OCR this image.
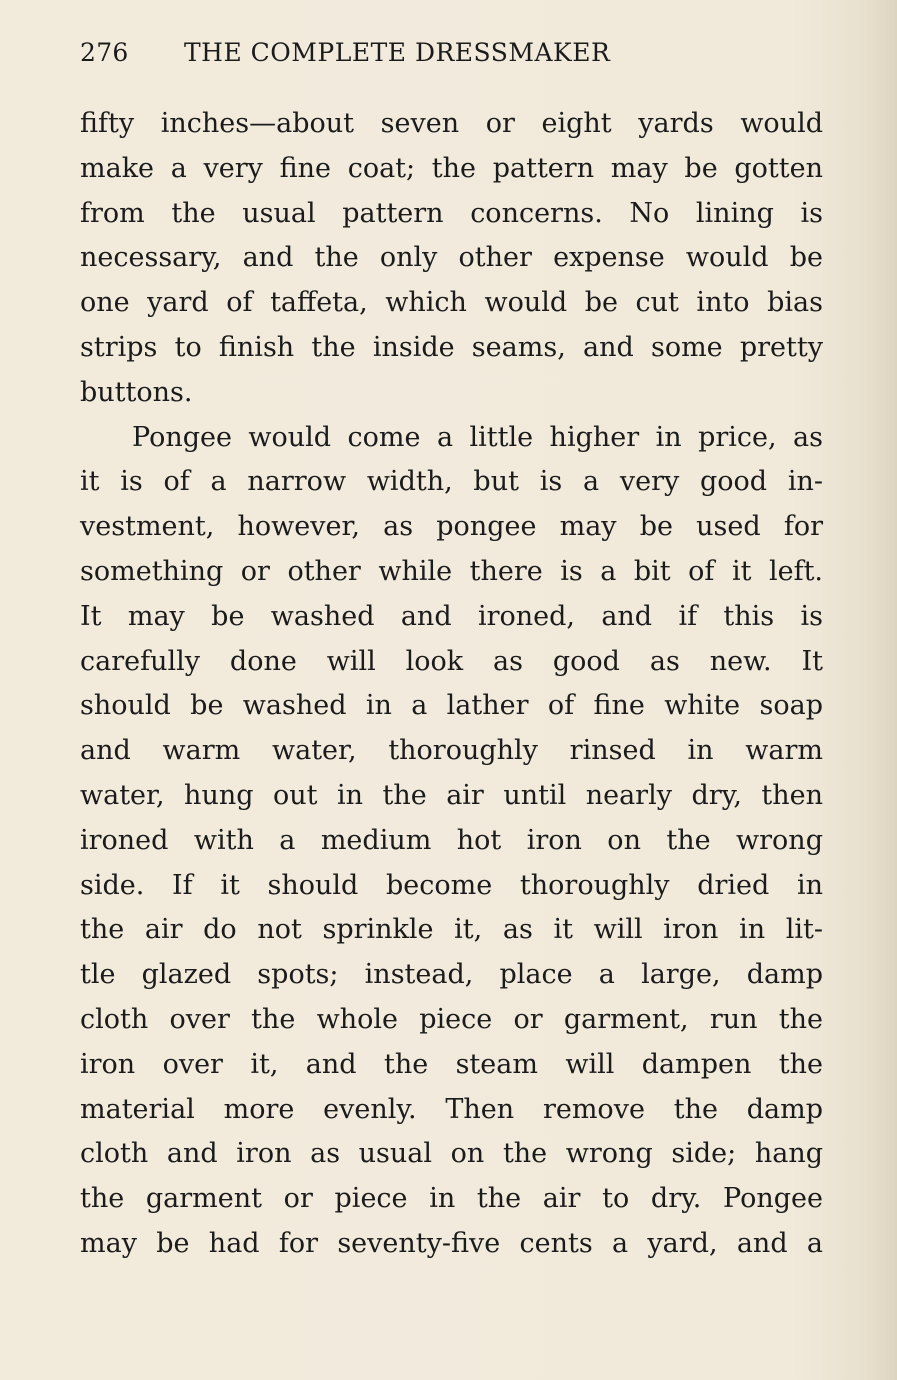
276 THE COMPLETE DRESSMAKER
fifty inches—about seven or eight yards would
make a very fine coat; the pattern may be gotten
from the usual pattern concerns. No lining is
necessary, and the only other expense would be
one yard of taffeta, which would be cut into bias
strips to finish the inside seams, and some pretty
buttons.
Pongee would come a little higher in price, as
it is of a narrow width, but is a very good in-
vestment, however, as pongee may be used for
something or other while there is a bit of it left.
It may be washed and ironed, and if this is
carefully done will look as good as new. It
should be washed in a lather of fine white soap
and warm water, thoroughly rinsed in warm
water, hung out in the air until nearly dry, then
ironed with a medium hot iron on the wrong
side. If it should become thoroughly dried in
the air do not sprinkle it, as it will iron in lit-
tle glazed spots; instead, place a large, damp
cloth over the whole piece or garment, run the
iron over it, and the steam will dampen the
material more evenly. Then remove the damp
cloth and iron as usual on the wrong side; hang
the garment or piece in the air to dry. Pongee
may be had for seventy-five cents a yard, and a
